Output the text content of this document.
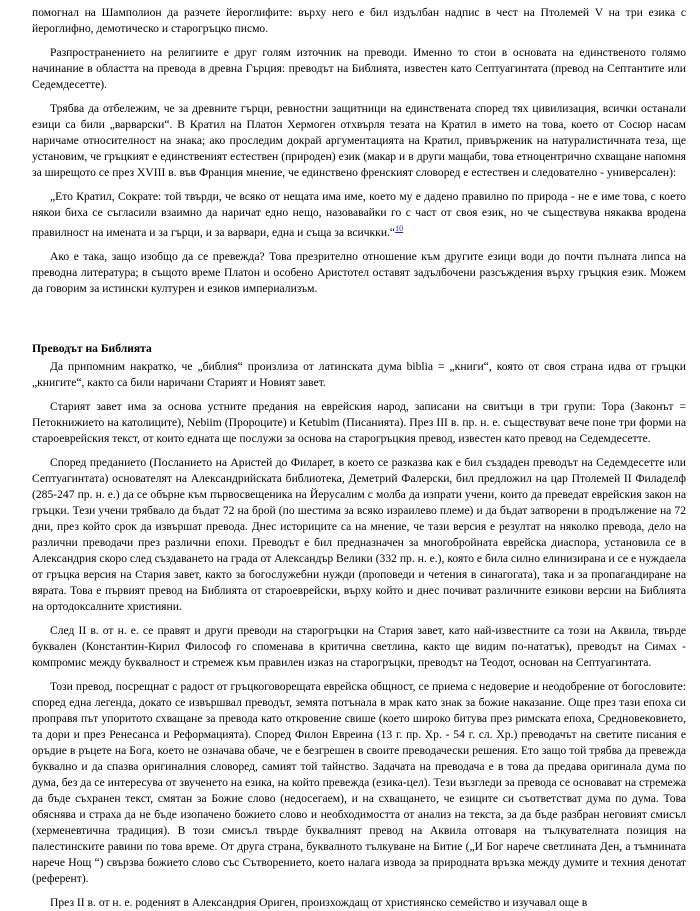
помогнал на Шамполион да разчете йероглифите: върху него е бил издълбан надпис в чест на Птолемей V на три езика с йероглифно, демотическо и старогръцко писмо.

Разпространението на религиите е друг голям източник на преводи. Именно то стои в основата на единственото голямо начинание в областта на превода в древна Гърция: преводът на Библията, известен като Септуагинтата (превод на Септантите или Седемдесетте).

Трябва да отбележим, че за древните гърци, ревностни защитници на единствената според тях цивилизация, всички останали езици са били „варварски“. В Кратил на Платон Хермоген отхвърля тезата на Кратил в името на това, което от Сосюр насам наричаме относителност на знака; ако проследим докрай аргументацията на Кратил, привърженик на натуралистичната теза, ще установим, че гръцкият е единственият естествен (природен) език (макар и в други мащаби, това етноцентрично схващане напомня за ширещото се през XVIII в. във Франция мнение, че единствено френският словоред е естествен и следователно - универсален):

„Ето Кратил, Сократе: той твърди, че всяко от нещата има име, което му е дадено правилно по природа - не е име това, с което някои биха се съгласили взаимно да наричат едно нещо, назовавайки го с част от своя език, но че съществува някаква вродена правилност на имената и за гърци, и за варвари, една и съща за всичкки.“$^{10}$

Ако е така, защо изобщо да се превежда? Това презрително отношение към другите езици води до почти пълната липса на преводна литература; в същото време Платон и особено Аристотел оставят задълбочени разсъждения върху гръцкия език. Можем да говорим за истински културен и езиков империализъм.

Преводът на Библията

Да припомним накратко, че „библия“ произлиза от латинската дума biblia = „книги“, която от своя страна идва от гръцки „книгите“, както са били наричани Старият и Новият завет.

Старият завет има за основа устните предания на еврейския народ, записани на свитъци в три групи: Тора (Законът = Петокнижието на католиците), Nebiim (Пророците) и Ketubim (Писанията). През III в. пр. н. е. съществуват вече поне три форми на староеврейския текст, от които едната ще послужи за основа на старогръцкия превод, известен като превод на Седемдесетте.

Според преданието (Посланието на Аристей до Филарет, в което се разказва как е бил създаден преводът на Седемдесетте или Септуагинтата) основателят на Александрийската библиотека, Деметрий Фалерски, бил предложил на цар Птолемей II Филаделф (285-247 пр. н. е.) да се обърне към първосвещеника на Йерусалим с молба да изпрати учени, които да преведат еврейския закон на гръцки. Тези учени трябвало да бъдат 72 на брой (по шестима за всяко израилево племе) и да бъдат затворени в продължение на 72 дни, през който срок да извършат превода. Днес историците са на мнение, че тази версия е резултат на няколко превода, дело на различни преводачи през различни епохи. Преводът е бил предназначен за многобройната еврейска диаспора, установила се в Александрия скоро след създаването на града от Александър Велики (332 пр. н. е.), която е била силно елинизирана и се е нуждаела от гръцка версия на Стария завет, както за богослужебни нужди (проповеди и четения в синагогата), така и за пропагандиране на вярата. Това е първият превод на Библията от староеврейски, върху който и днес почиват различните езикови версии на Библията на ортодоксалните християни.

След II в. от н. е. се правят и други преводи на старогръцки на Стария завет, като най-известните са този на Аквила, твърде буквален (Константин-Кирил Философ го споменава в критична светлина, както ще видим по-нататък), преводът на Симах - компромис между буквалност и стремеж към правилен изказ на старогръцки, преводът на Теодот, основан на Септуагинтата.

Този превод, посрещнат с радост от гръцкоговорещата еврейска общност, се приема с недоверие и неодобрение от богословите: според една легенда, докато се извършвал преводът, земята потънала в мрак като знак за божие наказание. Още през тази епоха си проправя път упоритото схващане за превода като откровение свише (което широко битува през римската епоха, Средновековието, та дори и през Ренесанса и Реформацията). Според Филон Евреина (13 г. пр. Хр. - 54 г. сл. Хр.) преводачът на светите писания е оръдие в ръцете на Бога, което не означава обаче, че е безгрешен в своите преводачески решения. Ето защо той трябва да превежда буквално и да спазва оригиналния словоред, самият той тайнство. Задачата на преводача е в това да предава оригинала дума по дума, без да се интересува от звученето на езика, на който превежда (езика-цел). Тези възгледи за превода се основават на стремежа да бъде съхранен текст, смятан за Божие слово (недосегаем), и на схващането, че езиците си съответстват дума по дума. Това обяснява и страха да не бъде изопачено божието слово и необходимостта от анализ на текста, за да бъде разбран неговият смисъл (херменевтична традиция). В този смисъл твърде буквалният превод на Аквила отговаря на тълкувателната позиция на палестинските равини по това време. От друга страна, буквалното тълкуване на Битие („И Бог нарече светлината Ден, а тъмнината нарече Нощ “) свързва божието слово със Сътворението, което налага извода за природната връзка между думите и техния денотат (референт).

През II в. от н. е. роденият в Александрия Ориген, произхождащ от християнско семейство и изучавал още в
